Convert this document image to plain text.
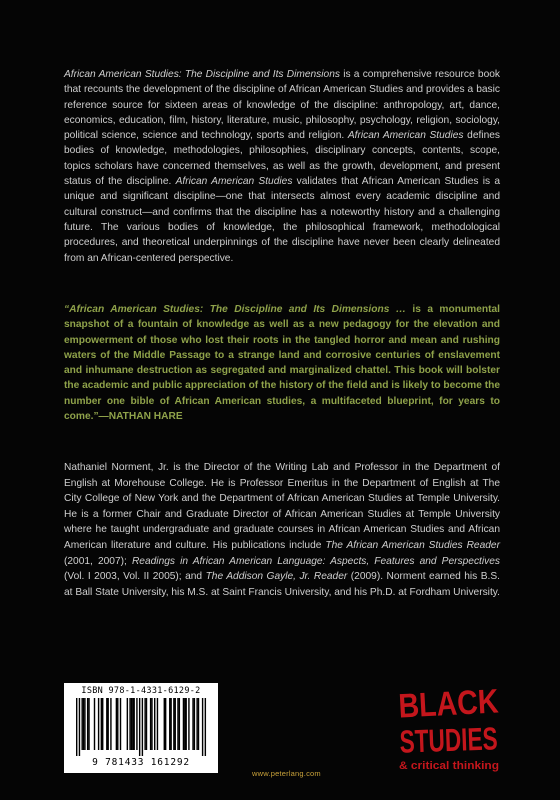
African American Studies: The Discipline and Its Dimensions is a comprehensive resource book that recounts the development of the discipline of African American Studies and provides a basic reference source for sixteen areas of knowledge of the discipline: anthropology, art, dance, economics, education, film, history, literature, music, philosophy, psychology, religion, sociology, political science, science and technology, sports and religion. African American Studies defines bodies of knowledge, methodologies, philosophies, disciplinary concepts, contents, scope, topics scholars have concerned themselves, as well as the growth, development, and present status of the discipline. African American Studies validates that African American Studies is a unique and significant discipline—one that intersects almost every academic discipline and cultural construct—and confirms that the discipline has a noteworthy history and a challenging future. The various bodies of knowledge, the philosophical framework, methodological procedures, and theoretical underpinnings of the discipline have never been clearly delineated from an African-centered perspective.
“African American Studies: The Discipline and Its Dimensions … is a monumental snapshot of a fountain of knowledge as well as a new pedagogy for the elevation and empowerment of those who lost their roots in the tangled horror and mean and rushing waters of the Middle Passage to a strange land and corrosive centuries of enslavement and inhumane destruction as segregated and marginalized chattel. This book will bolster the academic and public appreciation of the history of the field and is likely to become the number one bible of African American studies, a multifaceted blueprint, for years to come.”—NATHAN HARE
Nathaniel Norment, Jr. is the Director of the Writing Lab and Professor in the Department of English at Morehouse College. He is Professor Emeritus in the Department of English at The City College of New York and the Department of African American Studies at Temple University. He is a former Chair and Graduate Director of African American Studies at Temple University where he taught undergraduate and graduate courses in African American Studies and African American literature and culture. His publications include The African American Studies Reader (2001, 2007); Readings in African American Language: Aspects, Features and Perspectives (Vol. I 2003, Vol. II 2005); and The Addison Gayle, Jr. Reader (2009). Norment earned his B.S. at Ball State University, his M.S. at Saint Francis University, and his Ph.D. at Fordham University.
ISBN 978-1-4331-6129-2
9 781433 161292
www.peterlang.com
BLACK
STUDIES
& critical thinking
